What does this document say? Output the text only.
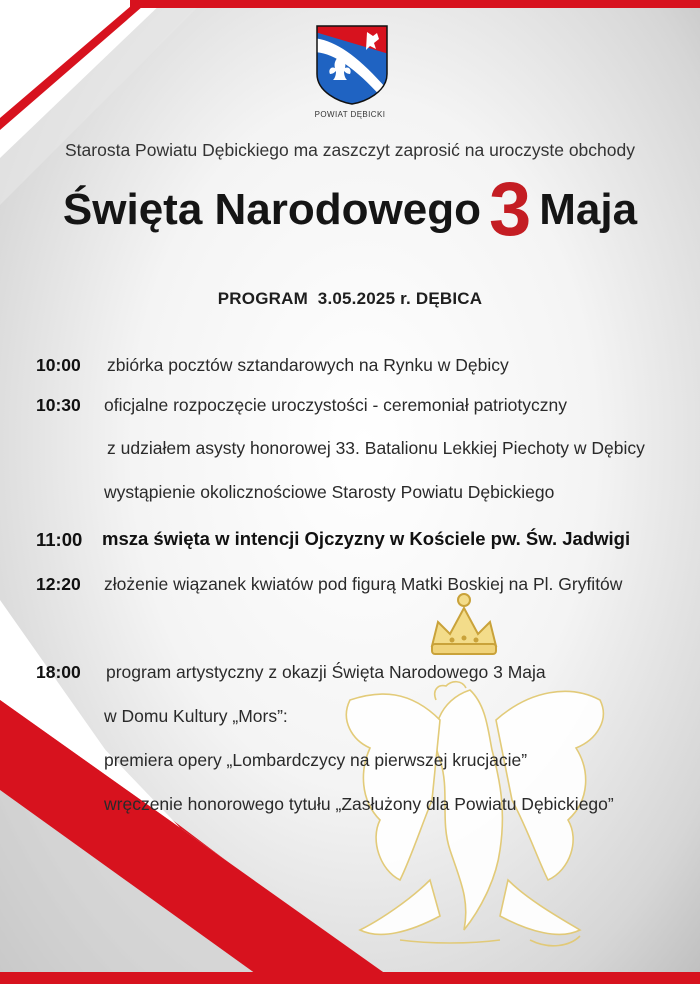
POWIAT DĘBICKI
Starosta Powiatu Dębickiego ma zaszczyt zaprosić na uroczyste obchody
Święta Narodowego 3 Maja
PROGRAM  3.05.2025 r. DĘBICA
10:00 zbiórka pocztów sztandarowych na Rynku w Dębicy
10:30 oficjalne rozpoczęcie uroczystości - ceremoniał patriotyczny
z udziałem asysty honorowej 33. Batalionu Lekkiej Piechoty w Dębicy
wystąpienie okolicznościowe Starosty Powiatu Dębickiego
11:00 msza święta w intencji Ojczyzny w Kościele pw. Św. Jadwigi
12:20 złożenie wiązanek kwiatów pod figurą Matki Boskiej na Pl. Gryfitów
18:00 program artystyczny z okazji Święta Narodowego 3 Maja
w Domu Kultury „Mors”:
premiera opery „Lombardczycy na pierwszej krucjacie”
wręczenie honorowego tytułu „Zasłużony dla Powiatu Dębickiego”
